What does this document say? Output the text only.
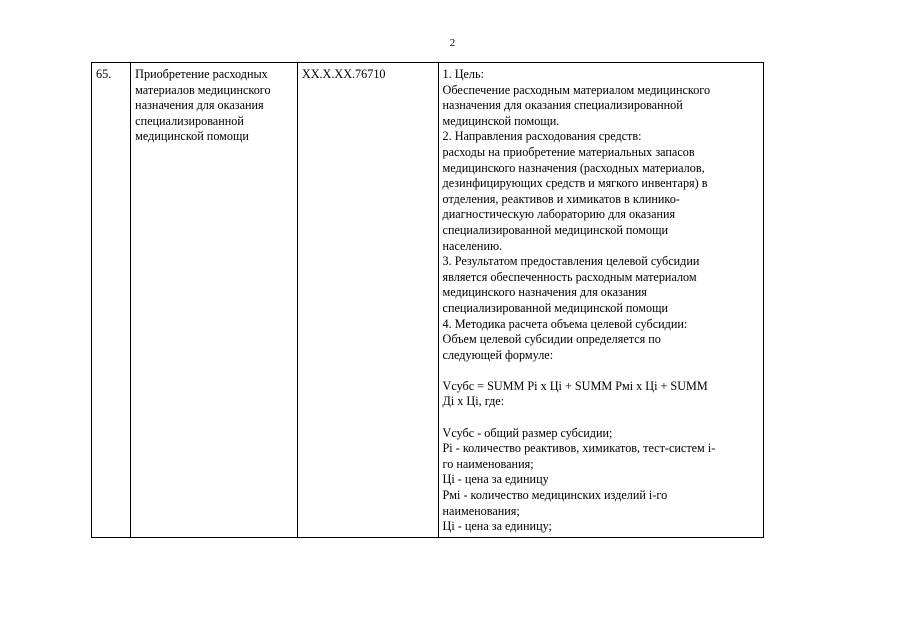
2
65.	Приобретение расходных
материалов медицинского
назначения для оказания
специализированной
медицинской помощи
	XX.X.XX.76710	1. Цель:
Обеспечение расходным материалом медицинского
назначения для оказания специализированной
медицинской помощи.
2. Направления расходования средств:
расходы на приобретение материальных запасов
медицинского назначения (расходных материалов,
дезинфицирующих средств и мягкого инвентаря) в
отделения, реактивов и химикатов в клинико-
диагностическую лабораторию для оказания
специализированной медицинской помощи
населению.
3. Результатом предоставления целевой субсидии
является обеспеченность расходным материалом
медицинского назначения для оказания
специализированной медицинской помощи
4. Методика расчета объема целевой субсидии:
Объем целевой субсидии определяется по
следующей формуле:
Vсубс = SUMM Pi x Цi + SUMM Pмi x Цi + SUMM
Дi x Цi, где:
Vсубс - общий размер субсидии;
Pi - количество реактивов, химикатов, тест-систем i-
го наименования;
Цi - цена за единицу
Pмi - количество медицинских изделий i-го
наименования;
Цi - цена за единицу;
